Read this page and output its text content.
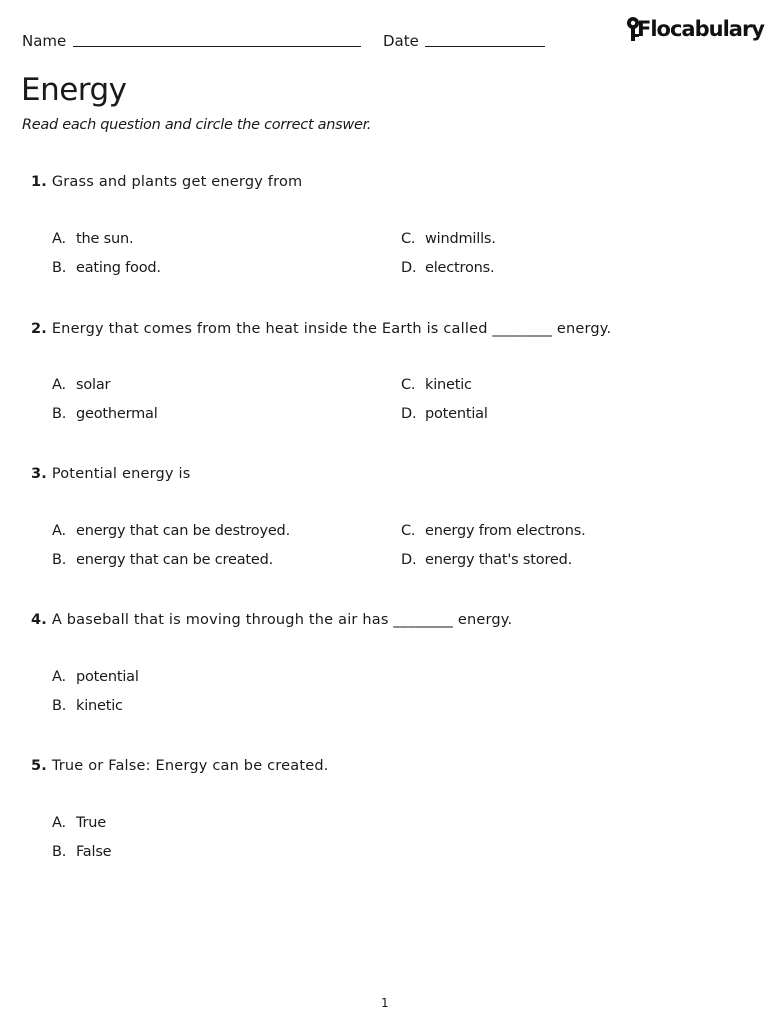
Name	Date	Flocabulary
Energy
Read each question and circle the correct answer.
1. Grass and plants get energy from
A. the sun.
B. eating food.
C. windmills.
D. electrons.
2. Energy that comes from the heat inside the Earth is called ________ energy.
A. solar
B. geothermal
C. kinetic
D. potential
3. Potential energy is
A. energy that can be destroyed.
B. energy that can be created.
C. energy from electrons.
D. energy that's stored.
4. A baseball that is moving through the air has ________ energy.
A. potential
B. kinetic
5. True or False: Energy can be created.
A. True
B. False
1
